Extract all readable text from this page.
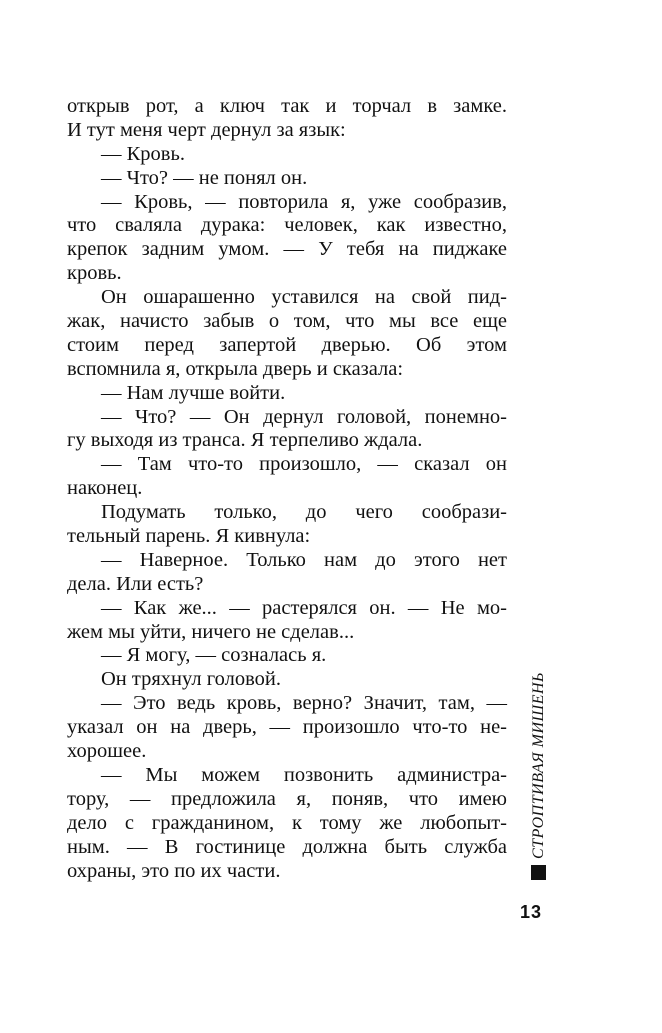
открыв рот, а ключ так и торчал в замке.
И тут меня черт дернул за язык:
— Кровь.
— Что? — не понял он.
— Кровь, — повторила я, уже сообразив,
что сваляла дурака: человек, как известно,
крепок задним умом. — У тебя на пиджаке
кровь.
Он ошарашенно уставился на свой пид-
жак, начисто забыв о том, что мы все еще
стоим перед запертой дверью. Об этом
вспомнила я, открыла дверь и сказала:
— Нам лучше войти.
— Что? — Он дернул головой, понемно-
гу выходя из транса. Я терпеливо ждала.
— Там что-то произошло, — сказал он
наконец.
Подумать только, до чего сообрази-
тельный парень. Я кивнула:
— Наверное. Только нам до этого нет
дела. Или есть?
— Как же... — растерялся он. — Не мо-
жем мы уйти, ничего не сделав...
— Я могу, — созналась я.
Он тряхнул головой.
— Это ведь кровь, верно? Значит, там, —
указал он на дверь, — произошло что-то не-
хорошее.
— Мы можем позвонить администра-
тору, — предложила я, поняв, что имею
дело с гражданином, к тому же любопыт-
ным. — В гостинице должна быть служба
охраны, это по их части.
СТРОПТИВАЯ МИШЕНЬ
13
